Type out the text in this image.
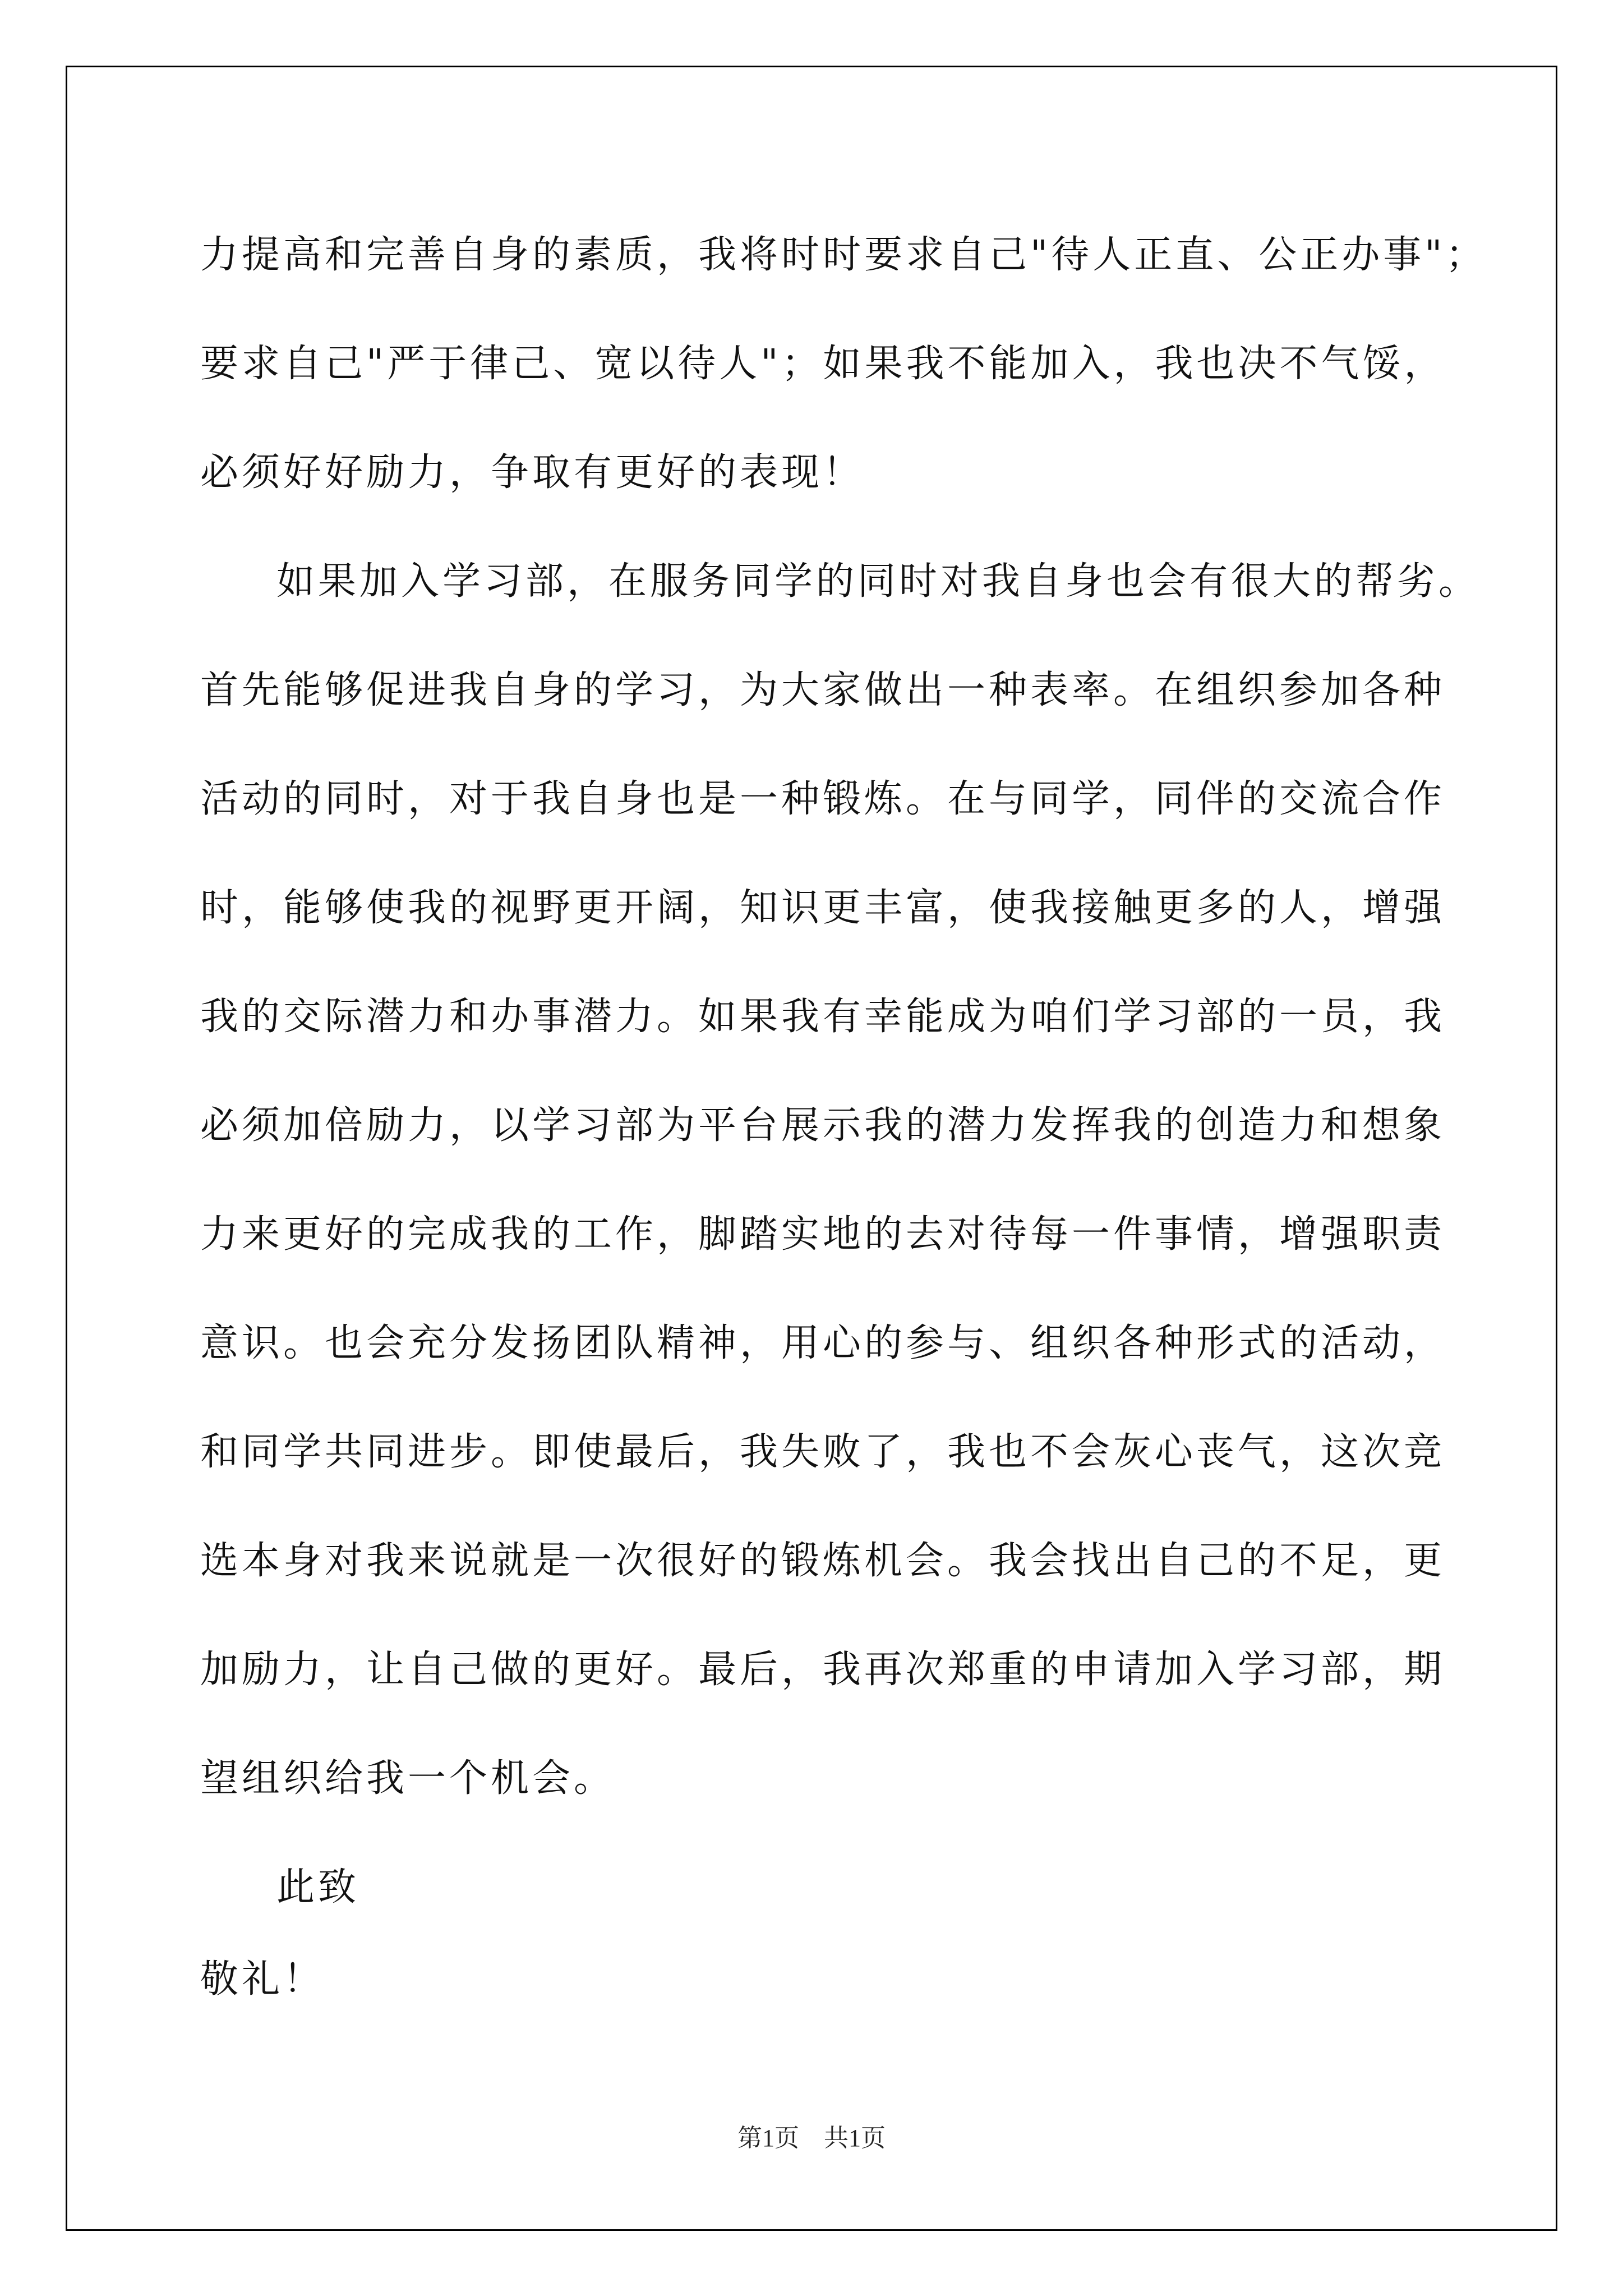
力提高和完善自身的素质，我将时时要求自己"待人正直、公正办事"；
要求自己"严于律己、宽以待人"；如果我不能加入，我也决不气馁，
必须好好励力，争取有更好的表现！
如果加入学习部，在服务同学的同时对我自身也会有很大的帮劣。
首先能够促进我自身的学习，为大家做出一种表率。在组织参加各种
活动的同时，对于我自身也是一种锻炼。在与同学，同伴的交流合作
时，能够使我的视野更开阔，知识更丰富，使我接触更多的人，增强
我的交际潜力和办事潜力。如果我有幸能成为咱们学习部的一员，我
必须加倍励力，以学习部为平台展示我的潜力发挥我的创造力和想象
力来更好的完成我的工作，脚踏实地的去对待每一件事情，增强职责
意识。也会充分发扬团队精神，用心的参与、组织各种形式的活动，
和同学共同进步。即使最后，我失败了，我也不会灰心丧气，这次竞
选本身对我来说就是一次很好的锻炼机会。我会找出自己的不足，更
加励力，让自己做的更好。最后，我再次郑重的申请加入学习部，期
望组织给我一个机会。
此致
敬礼！
第1页　共1页
